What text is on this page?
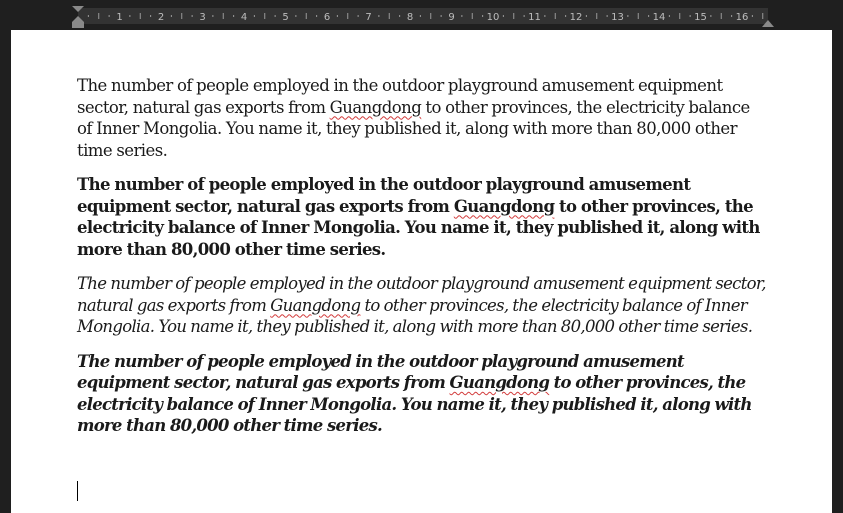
1	2	3	4	5	6	7	8	9	10	11	12	13	14	15	16

The number of people employed in the outdoor playground amusement equipment sector, natural gas exports from Guangdong to other provinces, the electricity balance of Inner Mongolia. You name it, they published it, along with more than 80,000 other time series.

The number of people employed in the outdoor playground amusement equipment sector, natural gas exports from Guangdong to other provinces, the electricity balance of Inner Mongolia. You name it, they published it, along with more than 80,000 other time series.

The number of people employed in the outdoor playground amusement equipment sector, natural gas exports from Guangdong to other provinces, the electricity balance of Inner Mongolia. You name it, they published it, along with more than 80,000 other time series.

The number of people employed in the outdoor playground amusement equipment sector, natural gas exports from Guangdong to other provinces, the electricity balance of Inner Mongolia. You name it, they published it, along with more than 80,000 other time series.
